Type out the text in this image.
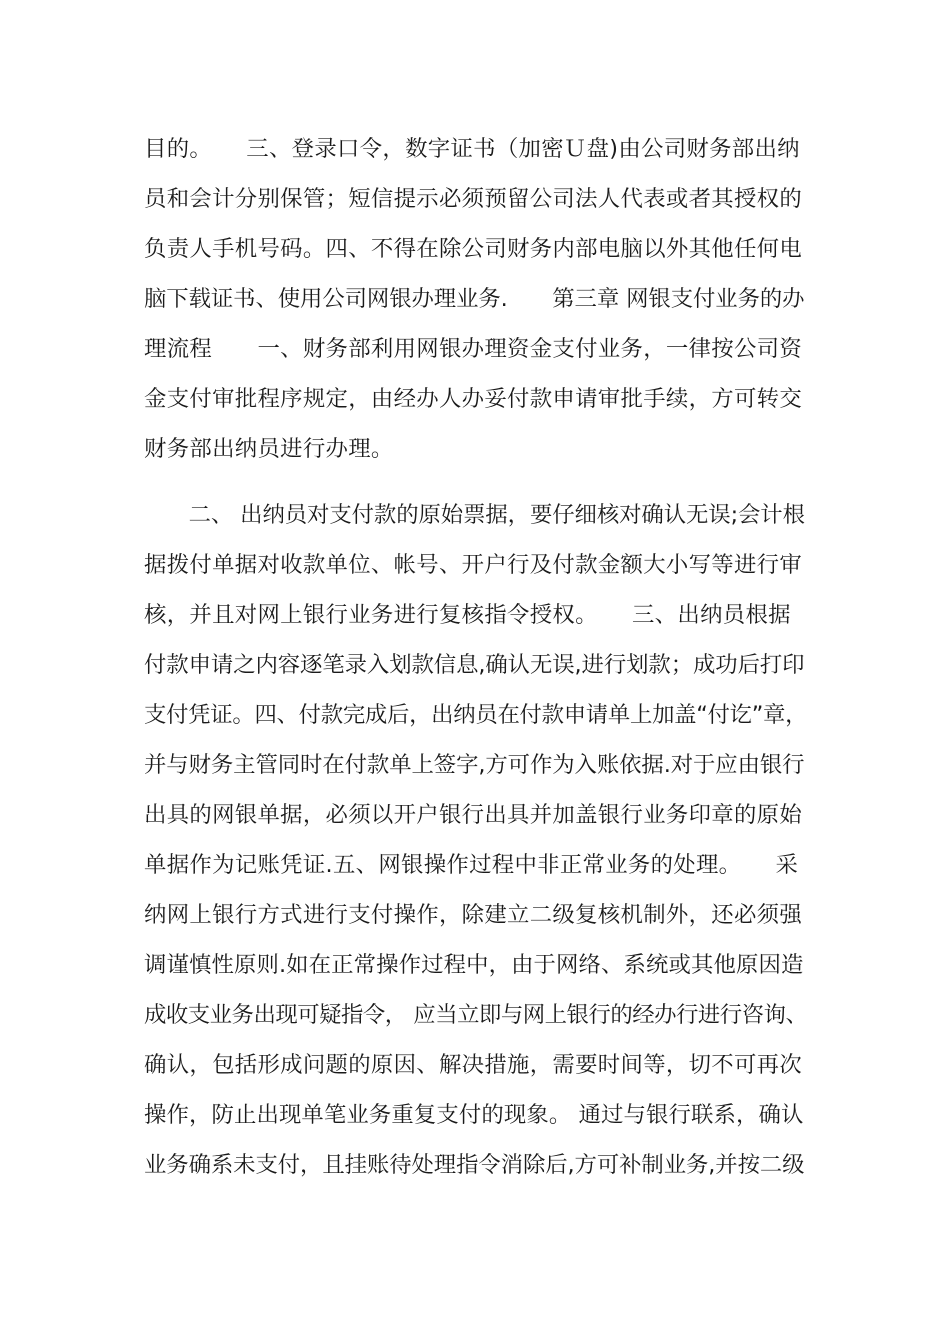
目的。　　三、登录口令，数字证书（加密Ｕ盘)由公司财务部出纳
员和会计分别保管；短信提示必须预留公司法人代表或者其授权的
负责人手机号码。四、不得在除公司财务内部电脑以外其他任何电
脑下载证书、使用公司网银办理业务.　　第三章 网银支付业务的办
理流程　　一、财务部利用网银办理资金支付业务，一律按公司资
金支付审批程序规定，由经办人办妥付款申请审批手续，方可转交
财务部出纳员进行办理。
　　二、 出纳员对支付款的原始票据，要仔细核对确认无误;会计根
据拨付单据对收款单位、帐号、开户行及付款金额大小写等进行审
核，并且对网上银行业务进行复核指令授权。　　三、出纳员根据
付款申请之内容逐笔录入划款信息,确认无误,进行划款；成功后打印
支付凭证。四、付款完成后，出纳员在付款申请单上加盖“付讫”章，
并与财务主管同时在付款单上签字,方可作为入账依据.对于应由银行
出具的网银单据，必须以开户银行出具并加盖银行业务印章的原始
单据作为记账凭证.五、网银操作过程中非正常业务的处理。　　采
纳网上银行方式进行支付操作，除建立二级复核机制外，还必须强
调谨慎性原则.如在正常操作过程中，由于网络、系统或其他原因造
成收支业务出现可疑指令， 应当立即与网上银行的经办行进行咨询、
确认，包括形成问题的原因、解决措施，需要时间等，切不可再次
操作，防止出现单笔业务重复支付的现象。 通过与银行联系，确认
业务确系未支付，且挂账待处理指令消除后,方可补制业务,并按二级
